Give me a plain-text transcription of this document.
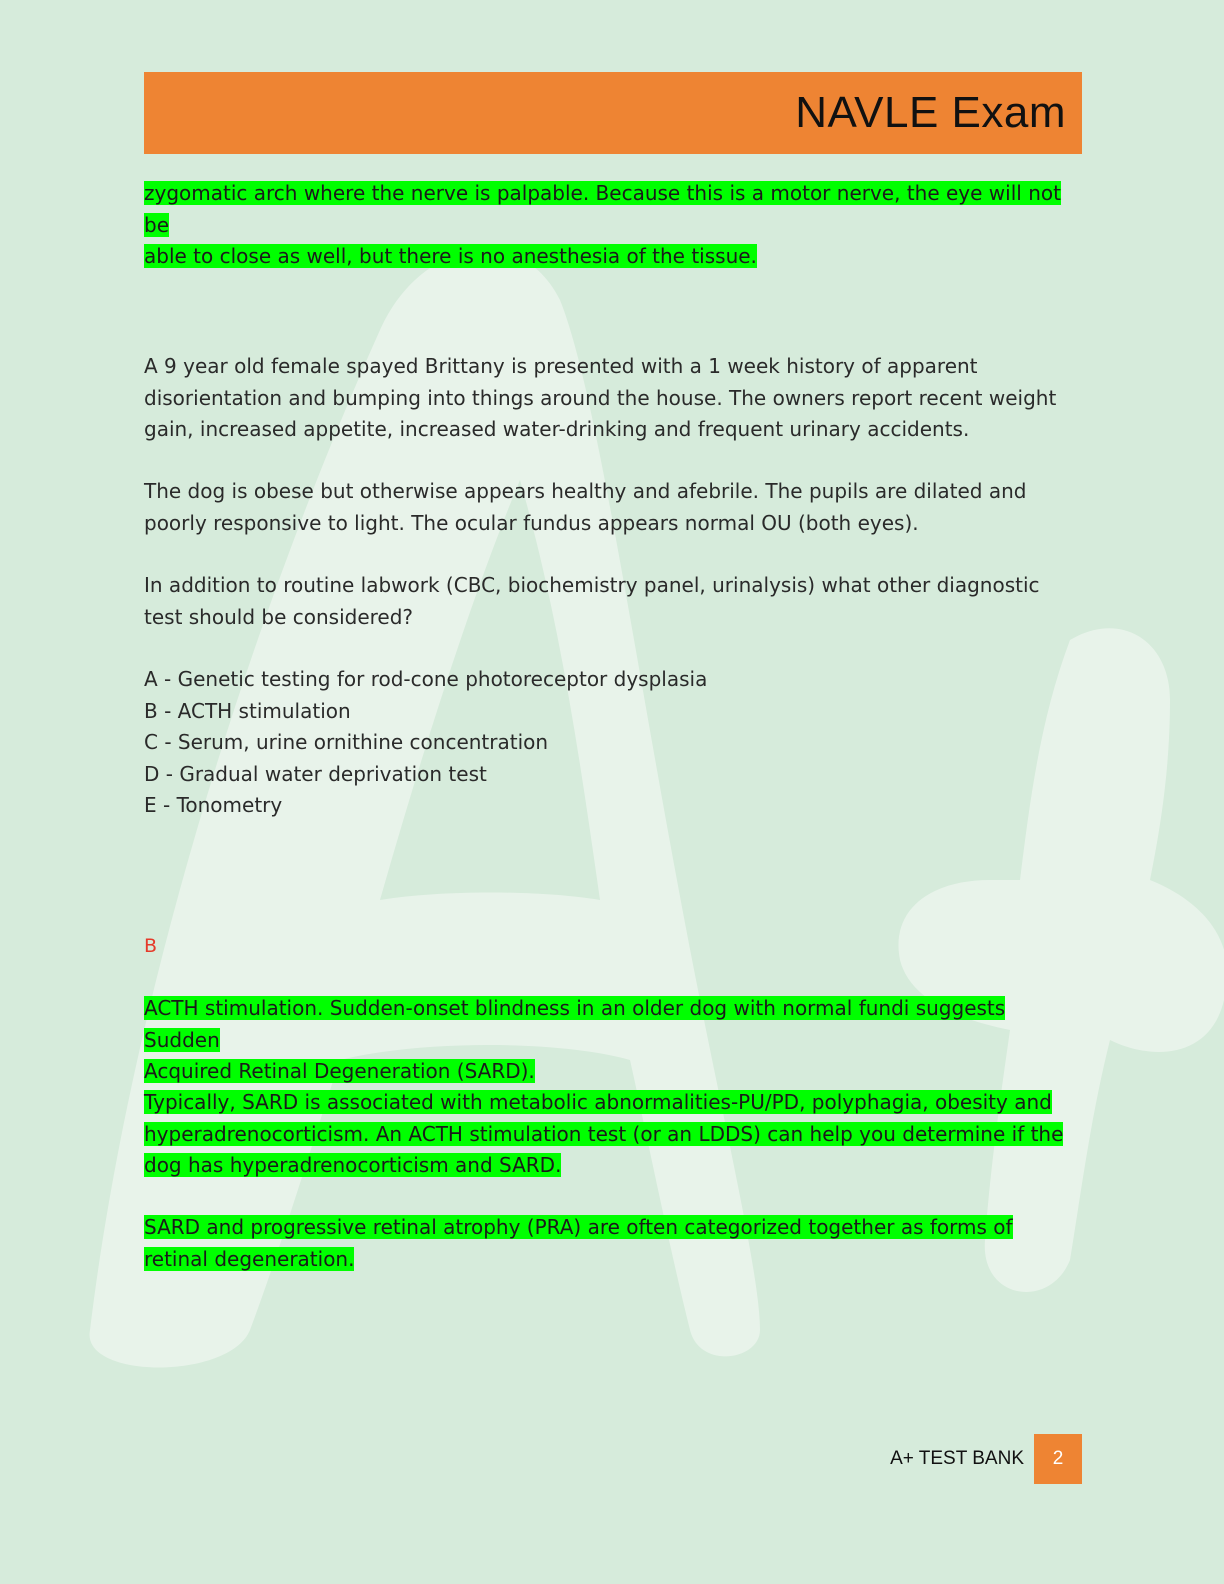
NAVLE Exam
zygomatic arch where the nerve is palpable. Because this is a motor nerve, the eye will not be
able to close as well, but there is no anesthesia of the tissue.
A 9 year old female spayed Brittany is presented with a 1 week history of apparent disorientation and bumping into things around the house. The owners report recent weight gain, increased appetite, increased water-drinking and frequent urinary accidents.
The dog is obese but otherwise appears healthy and afebrile. The pupils are dilated and poorly responsive to light. The ocular fundus appears normal OU (both eyes).
In addition to routine labwork (CBC, biochemistry panel, urinalysis) what other diagnostic test should be considered?
A - Genetic testing for rod-cone photoreceptor dysplasia
B - ACTH stimulation
C - Serum, urine ornithine concentration
D - Gradual water deprivation test
E - Tonometry
B
ACTH stimulation. Sudden-onset blindness in an older dog with normal fundi suggests Sudden
Acquired Retinal Degeneration (SARD).
Typically, SARD is associated with metabolic abnormalities-PU/PD, polyphagia, obesity and
hyperadrenocorticism. An ACTH stimulation test (or an LDDS) can help you determine if the
dog has hyperadrenocorticism and SARD.
SARD and progressive retinal atrophy (PRA) are often categorized together as forms of
retinal degeneration.
A+ TEST BANK	2
